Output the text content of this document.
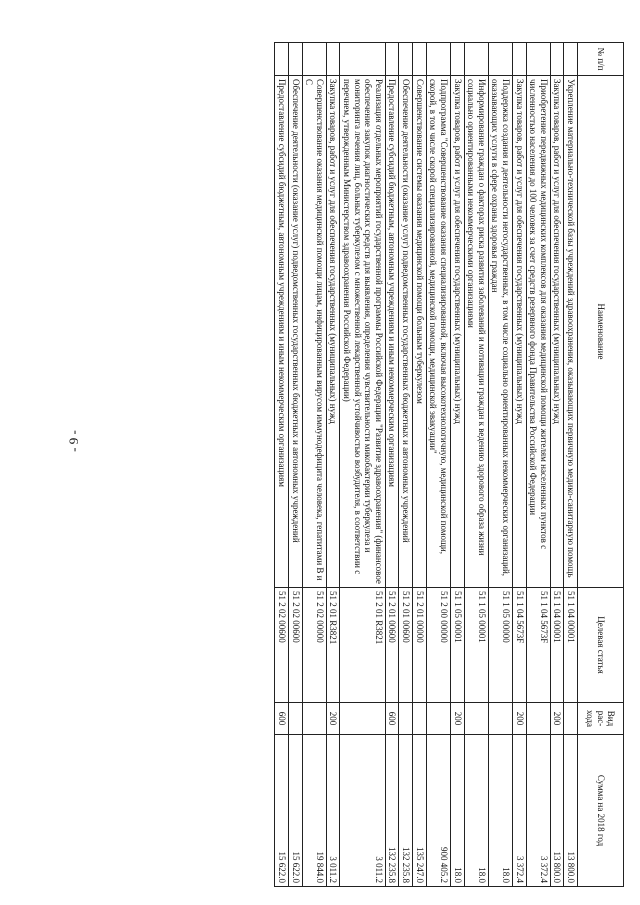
- 9 -
№ п/п	Наименование	Целевая статья	Вид рас- хода	Сумма на 2018 год
	Укрепление материально-технической базы учреждений здравоохранения, оказывающих первичную медико-санитарную помощь	51 1 04 00001		13 800.0
	Закупка товаров, работ и услуг для обеспечения государственных (муниципальных) нужд	51 1 04 00001	200	13 800.0
	Приобретение передвижных медицинских комплексов для оказания медицинской помощи жителям населенных пунктов с численностью населения до 100 человек за счет средств резервного фонда Правительства Российской Федерации	51 1 04 5673F		3 372.4
	Закупка товаров, работ и услуг для обеспечения государственных (муниципальных) нужд	51 1 04 5673F	200	3 372.4
	Поддержка создания и деятельности негосударственных, в том числе социально ориентированных некоммерческих организаций, оказывающих услуги в сфере охраны здоровья граждан	51 1 05 00000		18.0
	Информирование граждан о факторах риска развития заболеваний и мотивации граждан к ведению здорового образа жизни социально ориентированными некоммерческими организациями	51 1 05 00001		18.0
	Закупка товаров, работ и услуг для обеспечения государственных (муниципальных) нужд	51 1 05 00001	200	18.0
	Подпрограмма "Совершенствование оказания специализированной, включая высокотехнологичную, медицинской помощи, скорой, в том числе скорой специализированной, медицинской помощи, медицинской эвакуации"	51 2 00 00000		900 405.2
	Совершенствование системы оказания медицинской помощи больным туберкулезом	51 2 01 00000		135 247.0
	Обеспечение деятельности (оказание услуг) подведомственных государственных бюджетных и автономных учреждений	51 2 01 00600		132 235.8
	Предоставление субсидий бюджетным, автономным учреждениям и иным некоммерческим организациям	51 2 01 00600	600	132 235.8
	Реализация отдельных мероприятий государственной программы Российской Федерации "Развитие здравоохранения" (финансовое обеспечение закупок диагностических средств для выявления, определения чувствительности микобактерии туберкулеза и мониторинга лечения лиц, больных туберкулезом с множественной лекарственной устойчивостью возбудителя, в соответствии с перечнем, утвержденным Министерством здравоохранения Российской Федерации)	51 2 01 R3821		3 011.2
	Закупка товаров, работ и услуг для обеспечения государственных (муниципальных) нужд	51 2 01 R3821	200	3 011.2
	Совершенствование оказания медицинской помощи лицам, инфицированным вирусом иммунодефицита человека, гепатитами В и С	51 2 02 00000		19 844.0
	Обеспечение деятельности (оказание услуг) подведомственных государственных бюджетных и автономных учреждений	51 2 02 00600		15 622.0
	Предоставление субсидий бюджетным, автономным учреждениям и иным некоммерческим организациям	51 2 02 00600	600	15 622.0
